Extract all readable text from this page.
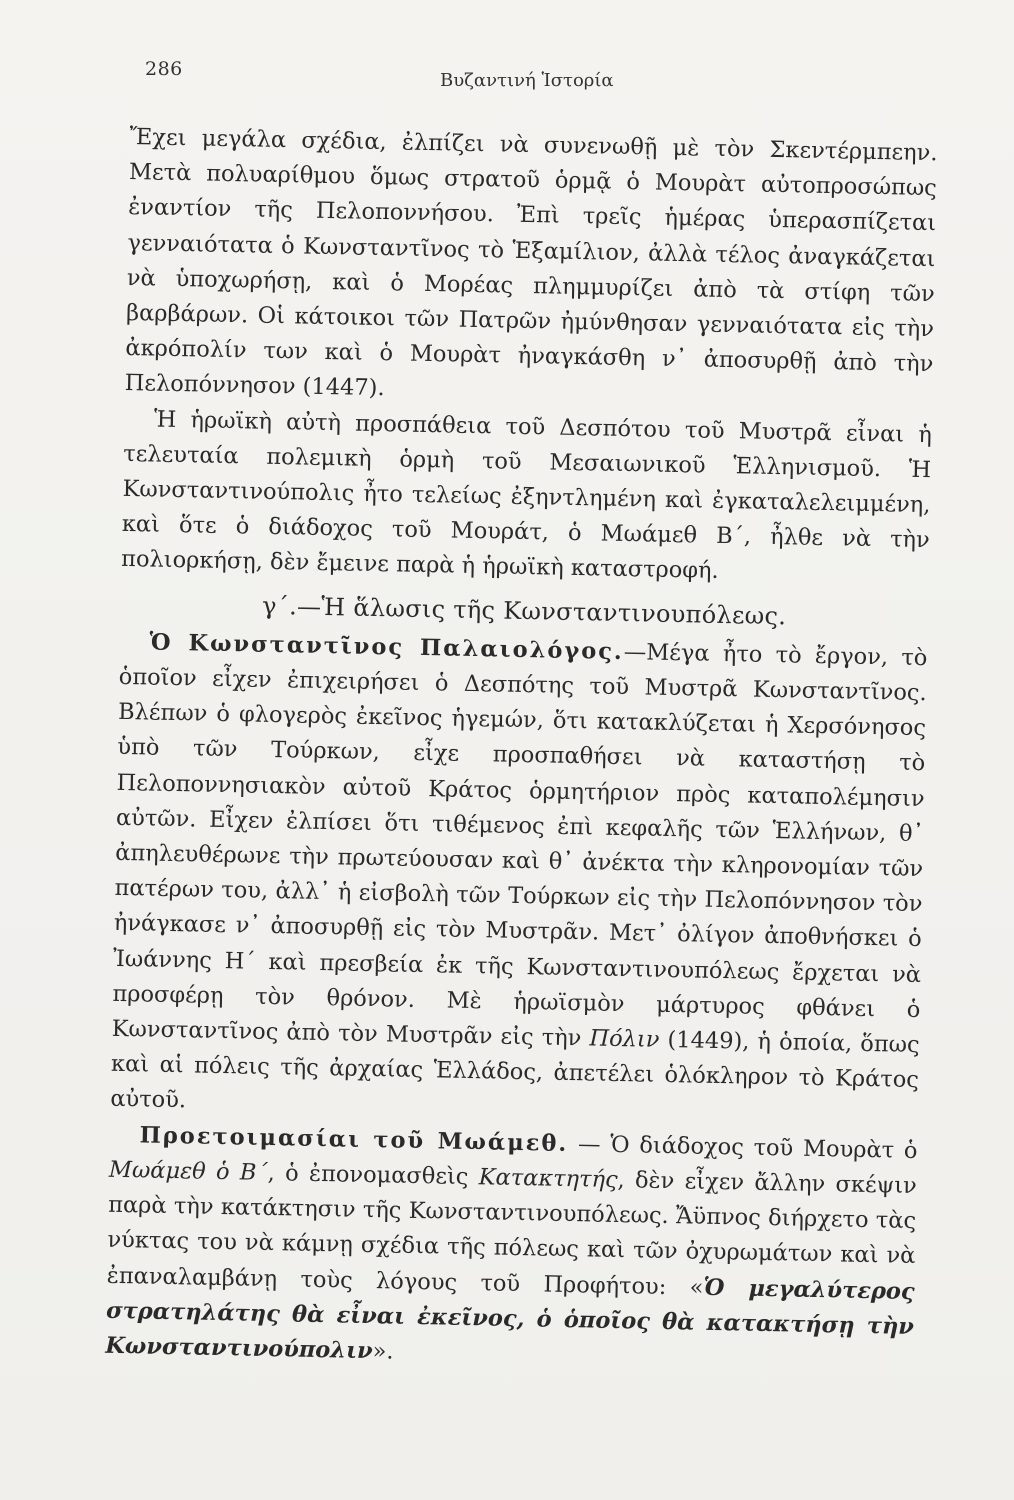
286
Βυζαντινή Ἱστορία

Ἔχει μεγάλα σχέδια, ἐλπίζει νὰ συνενωθῇ μὲ τὸν Σκεντέρμπεην. Μετὰ πολυαρίθμου ὅμως στρατοῦ ὁρμᾷ ὁ Μουρὰτ αὐτοπροσώπως ἐναντίον τῆς Πελοποννήσου. Ἐπὶ τρεῖς ἡμέρας ὑπερασπίζεται γενναιότατα ὁ Κωνσταντῖνος τὸ Ἑξαμίλιον, ἀλλὰ τέλος ἀναγκάζεται νὰ ὑποχωρήσῃ, καὶ ὁ Μορέας πλημμυρίζει ἀπὸ τὰ στίφη τῶν βαρβάρων. Οἱ κάτοικοι τῶν Πατρῶν ἠμύνθησαν γενναιότατα εἰς τὴν ἀκρόπολίν των καὶ ὁ Μουρὰτ ἠναγκάσθη ν᾽ ἀποσυρθῇ ἀπὸ τὴν Πελοπόννησον (1447).

Ἡ ἡρωϊκὴ αὐτὴ προσπάθεια τοῦ Δεσπότου τοῦ Μυστρᾶ εἶναι ἡ τελευταία πολεμικὴ ὁρμὴ τοῦ Μεσαιωνικοῦ Ἑλληνισμοῦ. Ἡ Κωνσταντινούπολις ἦτο τελείως ἐξηντλημένη καὶ ἐγκαταλελειμμένη, καὶ ὅτε ὁ διάδοχος τοῦ Μουράτ, ὁ Μωάμεθ Β΄, ἦλθε νὰ τὴν πολιορκήσῃ, δὲν ἔμεινε παρὰ ἡ ἡρωϊκὴ καταστροφή.

γ΄.—Ἡ ἅλωσις τῆς Κωνσταντινουπόλεως.

Ὁ Κωνσταντῖνος Παλαιολόγος.—Μέγα ἦτο τὸ ἔργον, τὸ ὁποῖον εἶχεν ἐπιχειρήσει ὁ Δεσπότης τοῦ Μυστρᾶ Κωνσταντῖνος. Βλέπων ὁ φλογερὸς ἐκεῖνος ἡγεμών, ὅτι κατακλύζεται ἡ Χερσόνησος ὑπὸ τῶν Τούρκων, εἶχε προσπαθήσει νὰ καταστήσῃ τὸ Πελοποννησιακὸν αὐτοῦ Κράτος ὁρμητήριον πρὸς καταπολέμησιν αὐτῶν. Εἶχεν ἐλπίσει ὅτι τιθέμενος ἐπὶ κεφαλῆς τῶν Ἑλλήνων, θ᾽ ἀπηλευθέρωνε τὴν πρωτεύουσαν καὶ θ᾽ ἀνέκτα τὴν κληρονομίαν τῶν πατέρων του, ἀλλ᾽ ἡ εἰσβολὴ τῶν Τούρκων εἰς τὴν Πελοπόννησον τὸν ἠνάγκασε ν᾽ ἀποσυρθῇ εἰς τὸν Μυστρᾶν. Μετ᾽ ὀλίγον ἀποθνήσκει ὁ Ἰωάννης Η΄ καὶ πρεσβεία ἐκ τῆς Κωνσταντινουπόλεως ἔρχεται νὰ προσφέρῃ τὸν θρόνον. Μὲ ἡρωϊσμὸν μάρτυρος φθάνει ὁ Κωνσταντῖνος ἀπὸ τὸν Μυστρᾶν εἰς τὴν Πόλιν (1449), ἡ ὁποία, ὅπως καὶ αἱ πόλεις τῆς ἀρχαίας Ἑλλάδος, ἀπετέλει ὁλόκληρον τὸ Κράτος αὐτοῦ.

Προετοιμασίαι τοῦ Μωάμεθ. — Ὁ διάδοχος τοῦ Μουρὰτ ὁ Μωάμεθ ὁ Β΄, ὁ ἐπονομασθεὶς Κατακτητής, δὲν εἶχεν ἄλλην σκέψιν παρὰ τὴν κατάκτησιν τῆς Κωνσταντινουπόλεως. Ἄϋπνος διήρχετο τὰς νύκτας του νὰ κάμνῃ σχέδια τῆς πόλεως καὶ τῶν ὀχυρωμάτων καὶ νὰ ἐπαναλαμβάνῃ τοὺς λόγους τοῦ Προφήτου: «Ὁ μεγαλύτερος στρατηλάτης θὰ εἶναι ἐκεῖνος, ὁ ὁποῖος θὰ κατακτήσῃ τὴν Κωνσταντινούπολιν».
